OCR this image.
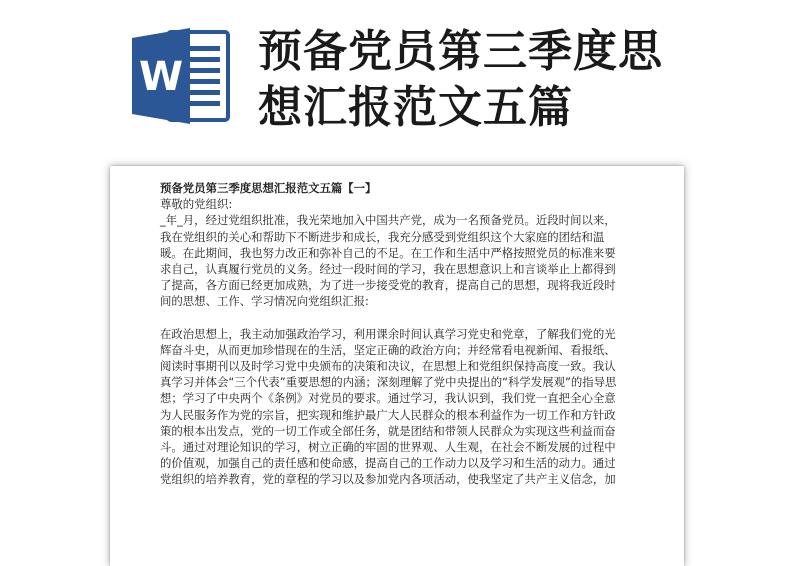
W 预备党员第三季度思
想汇报范文五篇
预备党员第三季度思想汇报范文五篇【一】
尊敬的党组织:
_年_月，经过党组织批准，我光荣地加入中国共产党，成为一名预备党员。近段时间以来，
我在党组织的关心和帮助下不断进步和成长，我充分感受到党组织这个大家庭的团结和温
暖。在此期间，我也努力改正和弥补自己的不足。在工作和生活中严格按照党员的标准来要
求自己，认真履行党员的义务。经过一段时间的学习，我在思想意识上和言谈举止上都得到
了提高，各方面已经更加成熟，为了进一步接受党的教育，提高自己的思想，现将我近段时
间的思想、工作、学习情况向党组织汇报:
在政治思想上，我主动加强政治学习，利用课余时间认真学习党史和党章，了解我们党的光
辉奋斗史，从而更加珍惜现在的生活，坚定正确的政治方向；并经常看电视新闻、看报纸、
阅读时事期刊以及时学习党中央颁布的决策和决议，在思想上和党组织保持高度一致。我认
真学习并体会“三个代表”重要思想的内涵；深刻理解了党中央提出的“科学发展观”的指导思
想；学习了中央两个《条例》对党员的要求。通过学习，我认识到，我们党一直把全心全意
为人民服务作为党的宗旨，把实现和维护最广大人民群众的根本利益作为一切工作和方针政
策的根本出发点，党的一切工作或全部任务，就是团结和带领人民群众为实现这些利益而奋
斗。通过对理论知识的学习，树立正确的牢固的世界观、人生观，在社会不断发展的过程中
的价值观，加强自己的责任感和使命感，提高自己的工作动力以及学习和生活的动力。通过
党组织的培养教育，党的章程的学习以及参加党内各项活动，使我坚定了共产主义信念，加
